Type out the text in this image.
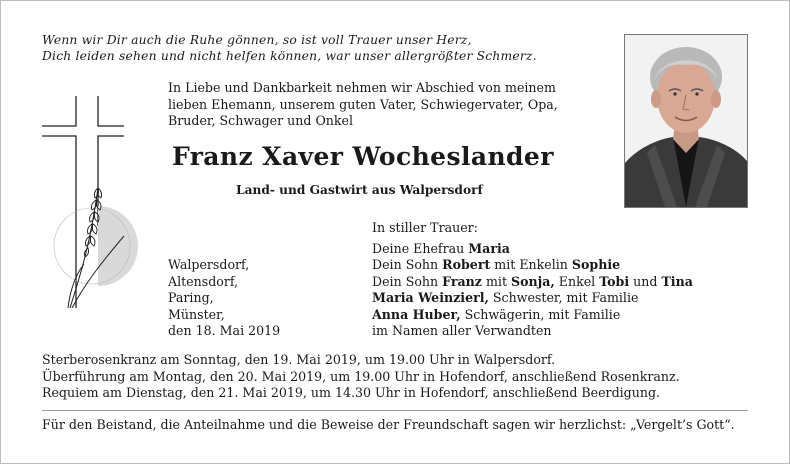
Wenn wir Dir auch die Ruhe gönnen, so ist voll Trauer unser Herz,
Dich leiden sehen und nicht helfen können, war unser allergrößter Schmerz.
In Liebe und Dankbarkeit nehmen wir Abschied von meinem
lieben Ehemann, unserem guten Vater, Schwiegervater, Opa,
Bruder, Schwager und Onkel
Franz Xaver Wocheslander
Land- und Gastwirt aus Walpersdorf
Walpersdorf,
Altensdorf,
Paring,
Münster,
den 18. Mai 2019
In stiller Trauer:
Deine Ehefrau Maria
Dein Sohn Robert mit Enkelin Sophie
Dein Sohn Franz mit Sonja, Enkel Tobi und Tina
Maria Weinzierl, Schwester, mit Familie
Anna Huber, Schwägerin, mit Familie
im Namen aller Verwandten
Sterberosenkranz am Sonntag, den 19. Mai 2019, um 19.00 Uhr in Walpersdorf.
Überführung am Montag, den 20. Mai 2019, um 19.00 Uhr in Hofendorf, anschließend Rosenkranz.
Requiem am Dienstag, den 21. Mai 2019, um 14.30 Uhr in Hofendorf, anschließend Beerdigung.
Für den Beistand, die Anteilnahme und die Beweise der Freundschaft sagen wir herzlichst: „Vergelt’s Gott“.
